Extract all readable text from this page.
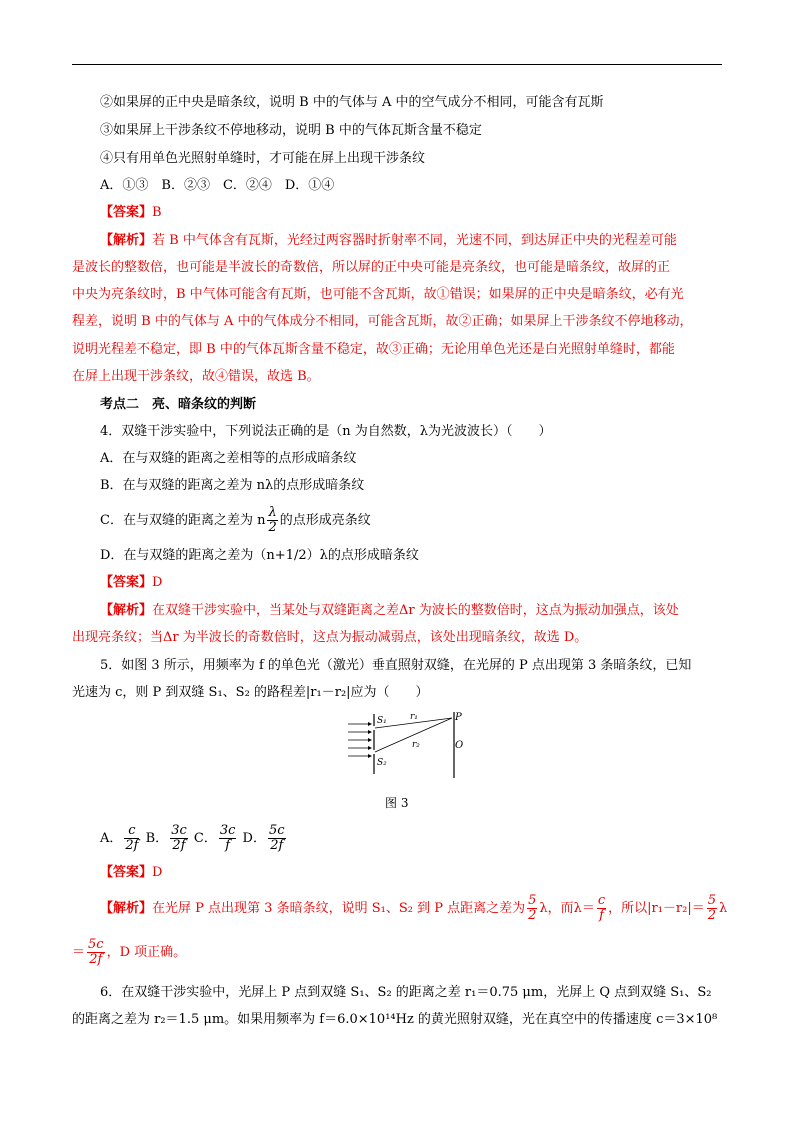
②如果屏的正中央是暗条纹，说明 B 中的气体与 A 中的空气成分不相同，可能含有瓦斯
③如果屏上干涉条纹不停地移动，说明 B 中的气体瓦斯含量不稳定
④只有用单色光照射单缝时，才可能在屏上出现干涉条纹
A．①③　B．②③　C．②④　D．①④
【答案】B
【解析】若 B 中气体含有瓦斯，光经过两容器时折射率不同，光速不同，到达屏正中央的光程差可能
是波长的整数倍，也可能是半波长的奇数倍，所以屏的正中央可能是亮条纹，也可能是暗条纹，故屏的正
中央为亮条纹时，B 中气体可能含有瓦斯，也可能不含瓦斯，故①错误；如果屏的正中央是暗条纹，必有光
程差，说明 B 中的气体与 A 中的气体成分不相同，可能含瓦斯，故②正确；如果屏上干涉条纹不停地移动，
说明光程差不稳定，即 B 中的气体瓦斯含量不稳定，故③正确；无论用单色光还是白光照射单缝时，都能
在屏上出现干涉条纹，故④错误，故选 B。
考点二　亮、暗条纹的判断
4．双缝干涉实验中，下列说法正确的是（n 为自然数，λ为光波波长）（　　）
A．在与双缝的距离之差相等的点形成暗条纹
B．在与双缝的距离之差为 nλ的点形成暗条纹
C．在与双缝的距离之差为 n $\frac{\lambda}{2}$ 的点形成亮条纹
D．在与双缝的距离之差为（n+1/2）λ的点形成暗条纹
【答案】D
【解析】在双缝干涉实验中，当某处与双缝距离之差Δr 为波长的整数倍时，这点为振动加强点，该处
出现亮条纹；当Δr 为半波长的奇数倍时，这点为振动减弱点，该处出现暗条纹，故选 D。
5．如图 3 所示，用频率为 f 的单色光（激光）垂直照射双缝，在光屏的 P 点出现第 3 条暗条纹，已知
光速为 c，则 P 到双缝 S₁、S₂ 的路程差|r₁－r₂|应为（　　）
S₁
S₂
r₁
r₂
P
O
图 3
A． $\frac{c}{2f}$ B． $\frac{3c}{2f}$ C． $\frac{3c}{f}$ D． $\frac{5c}{2f}$
【答案】D
【解析】在光屏 P 点出现第 3 条暗条纹，说明 S₁、S₂ 到 P 点距离之差为 $\frac{5}{2}$ λ，而$\lambda= \frac{c}{f}$ ，所以$|r_1-r_2|= \frac{5}{2}$ λ
＝ $\frac{5c}{2f}$ ，D 项正确。
6．在双缝干涉实验中，光屏上 P 点到双缝 S₁、S₂ 的距离之差 r₁＝0.75 μm，光屏上 Q 点到双缝 S₁、S₂
的距离之差为 r₂＝1.5 μm。如果用频率为 f＝6.0×10¹⁴Hz 的黄光照射双缝，光在真空中的传播速度 c＝3×10⁸
